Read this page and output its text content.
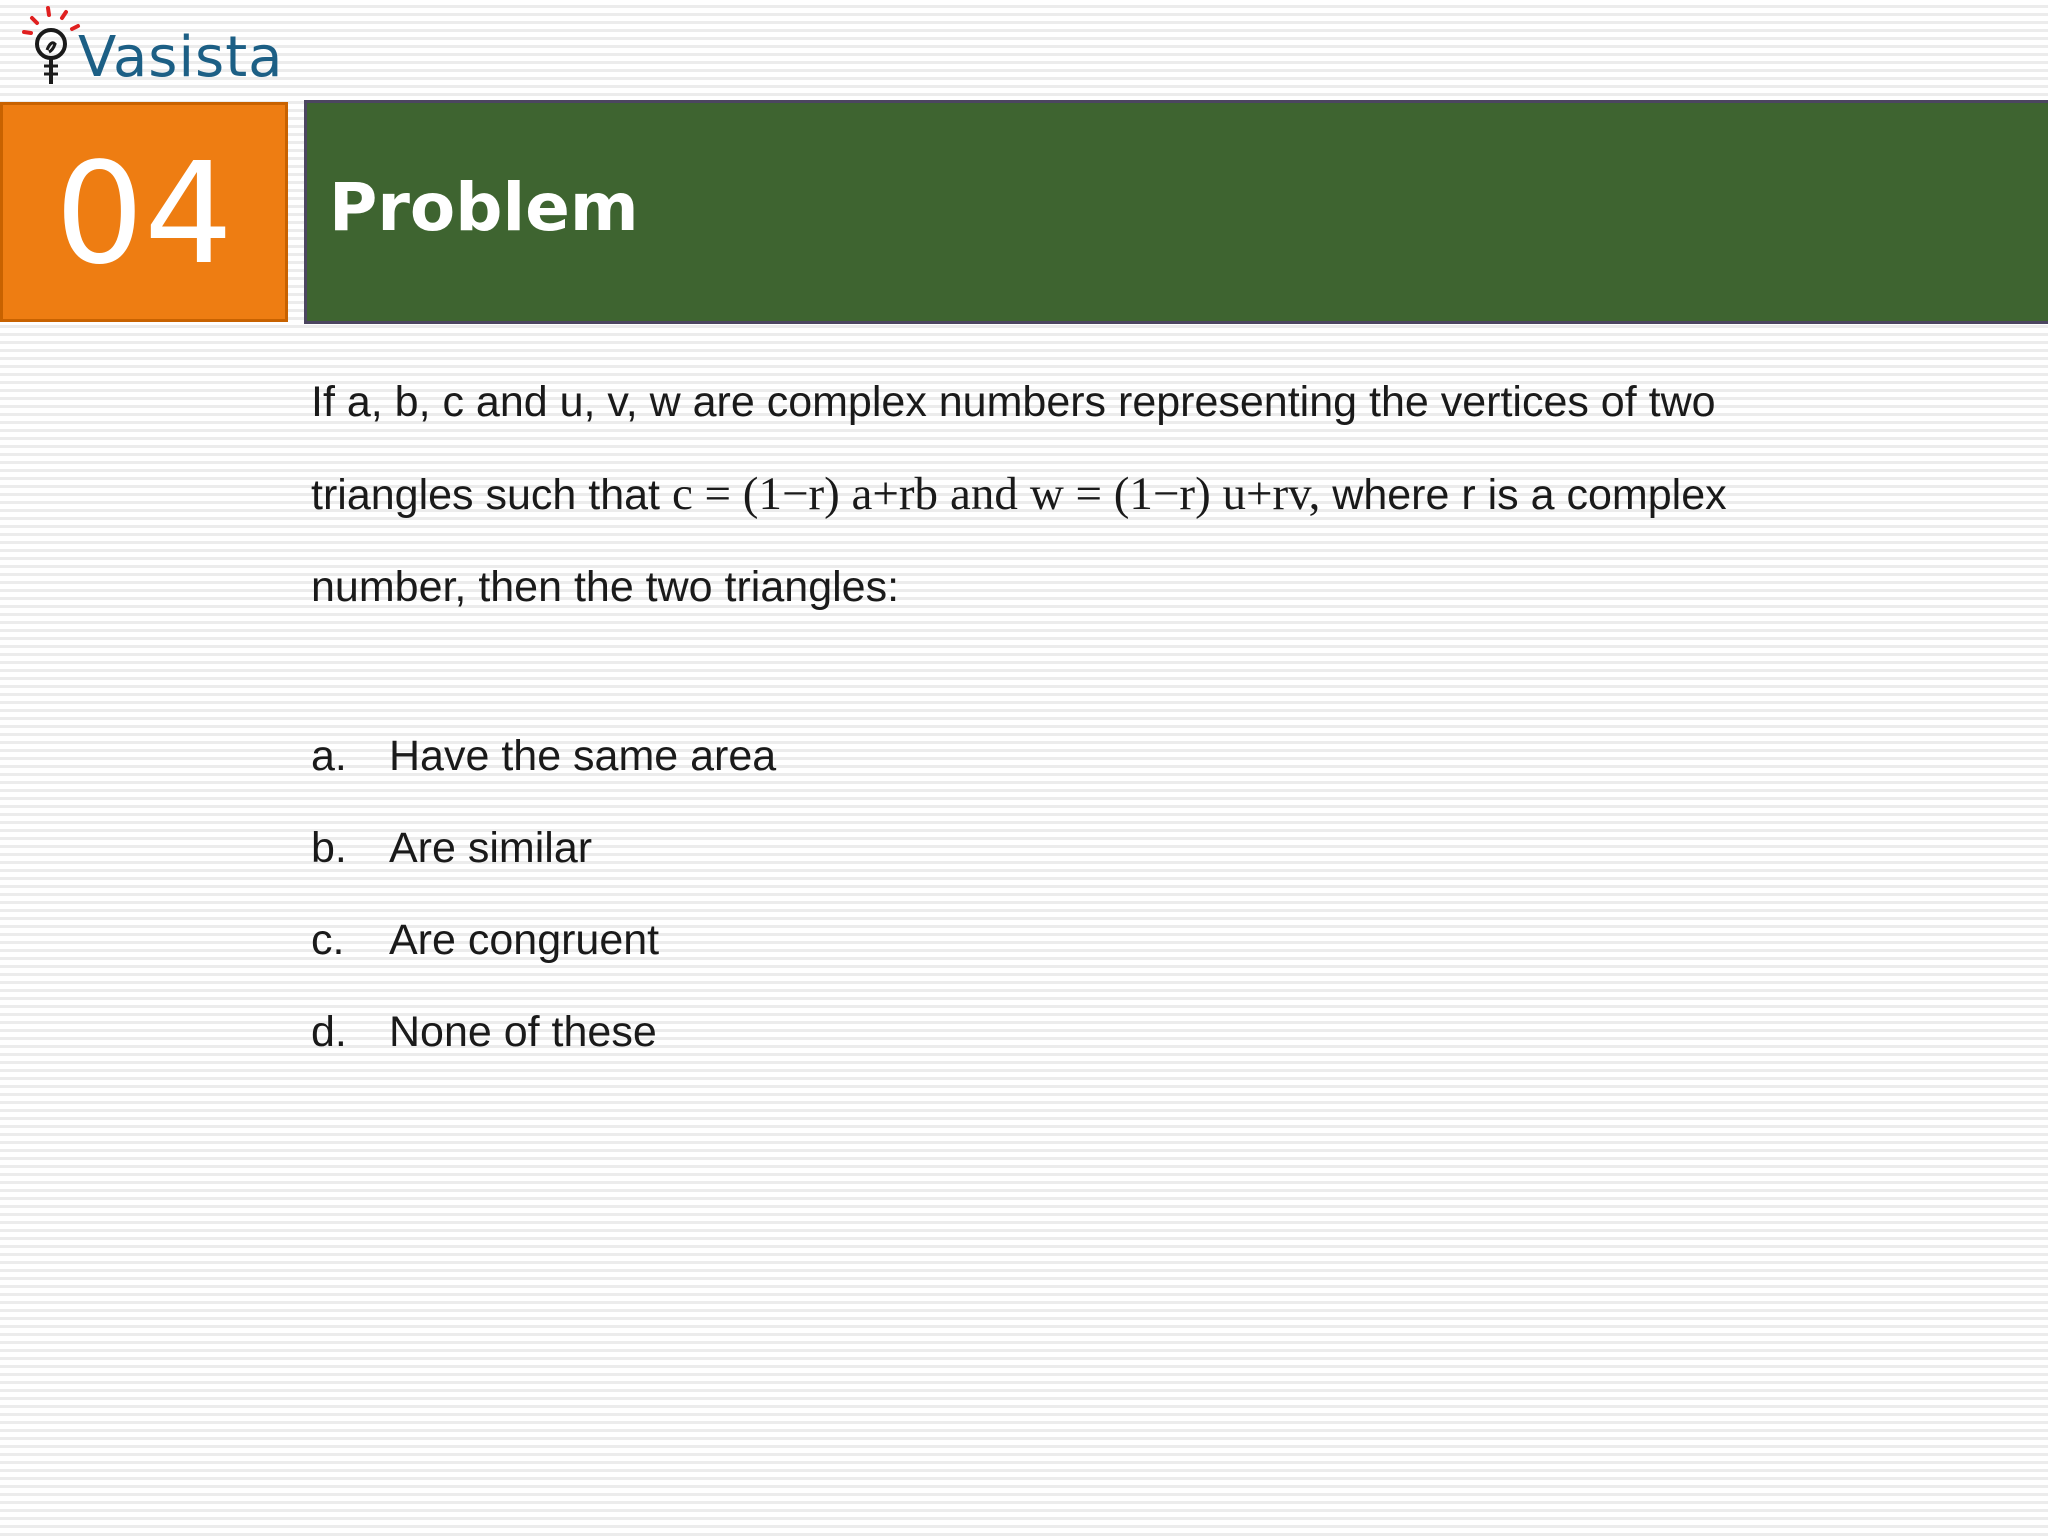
Vasista
04 Problem

If a, b, c and u, v, w are complex numbers representing the vertices of two

triangles such that c = (1−r) a+rb and w = (1−r) u+rv, where r is a complex

number, then the two triangles:

a. Have the same area
b. Are similar
c.	Are congruent
d. None of these
